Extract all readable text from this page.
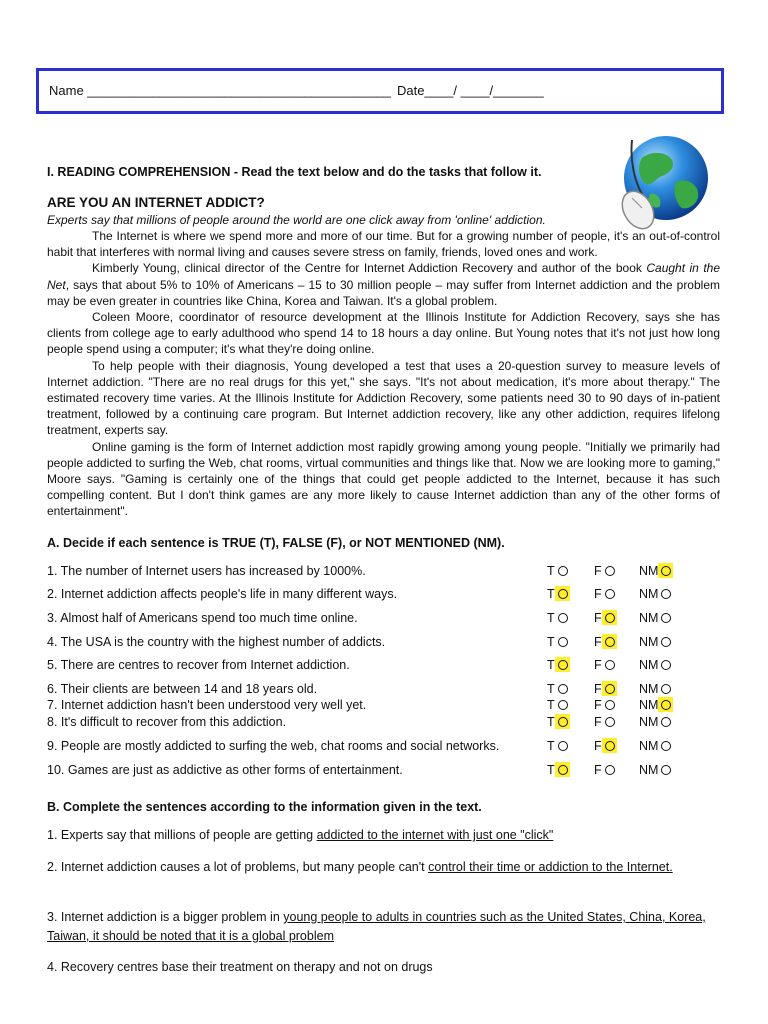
Name __________________________________________ Date____/ ____/_______
I. READING COMPREHENSION - Read the text below and do the tasks that follow it.
ARE YOU AN INTERNET ADDICT?
Experts say that millions of people around the world are one click away from 'online' addiction.

The Internet is where we spend more and more of our time. But for a growing number of people, it's an out-of-control habit that interferes with normal living and causes severe stress on family, friends, loved ones and work.

Kimberly Young, clinical director of the Centre for Internet Addiction Recovery and author of the book Caught in the Net, says that about 5% to 10% of Americans – 15 to 30 million people – may suffer from Internet addiction and the problem may be even greater in countries like China, Korea and Taiwan. It's a global problem.

Coleen Moore, coordinator of resource development at the Illinois Institute for Addiction Recovery, says she has clients from college age to early adulthood who spend 14 to 18 hours a day online. But Young notes that it's not just how long people spend using a computer; it's what they're doing online.

To help people with their diagnosis, Young developed a test that uses a 20-question survey to measure levels of Internet addiction. "There are no real drugs for this yet," she says. "It's not about medication, it's more about therapy." The estimated recovery time varies. At the Illinois Institute for Addiction Recovery, some patients need 30 to 90 days of in-patient treatment, followed by a continuing care program. But Internet addiction recovery, like any other addiction, requires lifelong treatment, experts say.

Online gaming is the form of Internet addiction most rapidly growing among young people. "Initially we primarily had people addicted to surfing the Web, chat rooms, virtual communities and things like that. Now we are looking more to gaming," Moore says. "Gaming is certainly one of the things that could get people addicted to the Internet, because it has such compelling content. But I don't think games are any more likely to cause Internet addiction than any of the other forms of entertainment".

A. Decide if each sentence is TRUE (T), FALSE (F), or NOT MENTIONED (NM).
1. The number of Internet users has increased by 1000%.	T	F	NM
2. Internet addiction affects people's life in many different ways.	T	F	NM
3. Almost half of Americans spend too much time online.	T	F	NM
4. The USA is the country with the highest number of addicts.	T	F	NM
5. There are centres to recover from Internet addiction.	T	F	NM
6. Their clients are between 14 and 18 years old.	T	F	NM
7. Internet addiction hasn't been understood very well yet.	T	F	NM
8. It's difficult to recover from this addiction.	T	F	NM
9. People are mostly addicted to surfing the web, chat rooms and social networks.	T	F	NM
10. Games are just as addictive as other forms of entertainment.	T	F	NM
B. Complete the sentences according to the information given in the text.
1. Experts say that millions of people are getting addicted to the internet with just one "click"
2. Internet addiction causes a lot of problems, but many people can't control their time or addiction to the Internet.
3. Internet addiction is a bigger problem in young people to adults in countries such as the United States, China, Korea, Taiwan, it should be noted that it is a global problem
4. Recovery centres base their treatment on therapy and not on drugs
